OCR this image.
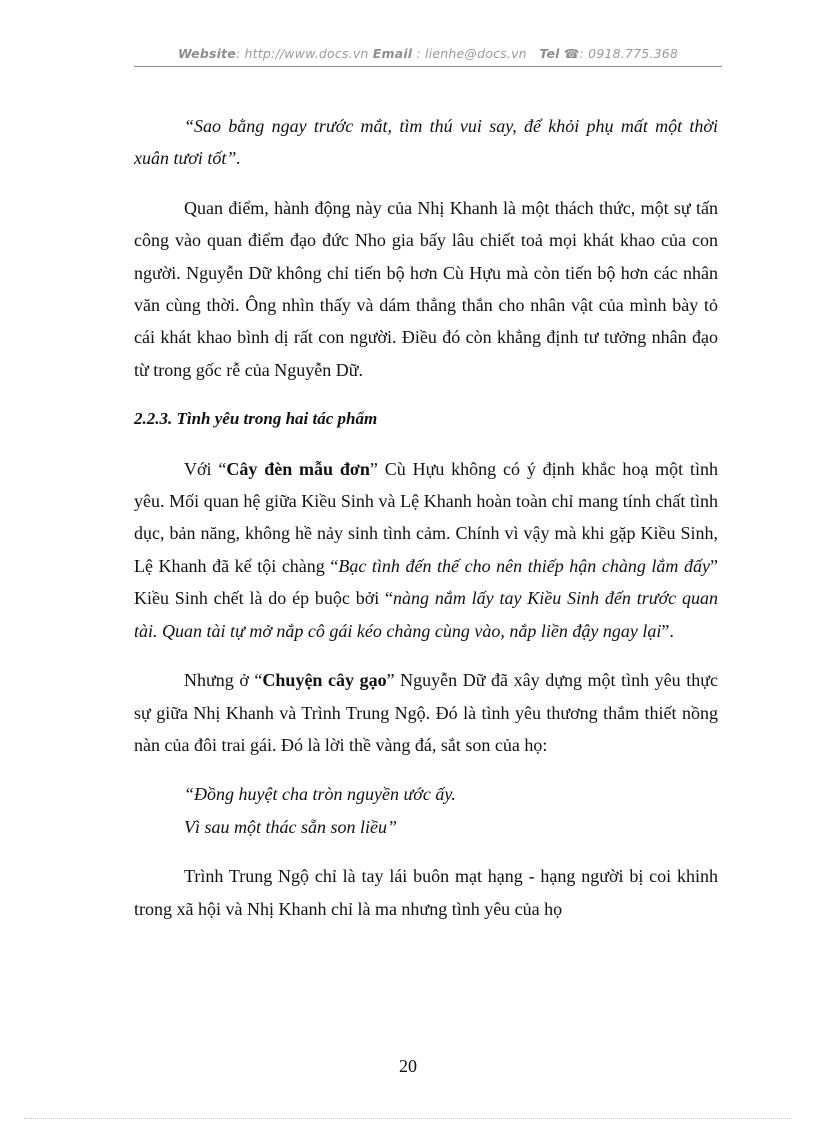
Website: http://www.docs.vn Email : lienhe@docs.vn   Tel ☎: 0918.775.368

“Sao bằng ngay trước mắt, tìm thú vui say, để khỏi phụ mất một thời xuân tươi tốt”.

Quan điểm, hành động này của Nhị Khanh là một thách thức, một sự tấn công vào quan điểm đạo đức Nho gia bấy lâu chiết toả mọi khát khao của con người. Nguyễn Dữ không chỉ tiến bộ hơn Cù Hựu mà còn tiến bộ hơn các nhân văn cùng thời. Ông nhìn thấy và dám thẳng thắn cho nhân vật của mình bày tỏ cái khát khao bình dị rất con người. Điều đó còn khẳng định tư tưởng nhân đạo từ trong gốc rễ của Nguyễn Dữ.

2.2.3. Tình yêu trong hai tác phẩm

Với “Cây đèn mẫu đơn” Cù Hựu không có ý định khắc hoạ một tình yêu. Mối quan hệ giữa Kiều Sinh và Lệ Khanh hoàn toàn chỉ mang tính chất tình dục, bản năng, không hề nảy sinh tình cảm. Chính vì vậy mà khi gặp Kiều Sinh, Lệ Khanh đã kể tội chàng “Bạc tình đến thế cho nên thiếp hận chàng lắm đấy” Kiều Sinh chết là do ép buộc bởi “nàng nắm lấy tay Kiều Sinh đến trước quan tài. Quan tài tự mở nắp cô gái kéo chàng cùng vào, nắp liền đậy ngay lại”.

Nhưng ở “Chuyện cây gạo” Nguyễn Dữ đã xây dựng một tình yêu thực sự giữa Nhị Khanh và Trình Trung Ngộ. Đó là tình yêu thương thắm thiết nồng nàn của đôi trai gái. Đó là lời thề vàng đá, sắt son của họ:

“Đồng huyệt cha tròn nguyền ước ấy.

Vì sau một thác sẵn son liều”

Trình Trung Ngộ chỉ là tay lái buôn mạt hạng - hạng người bị coi khinh trong xã hội và Nhị Khanh chỉ là ma nhưng tình yêu của họ

20
